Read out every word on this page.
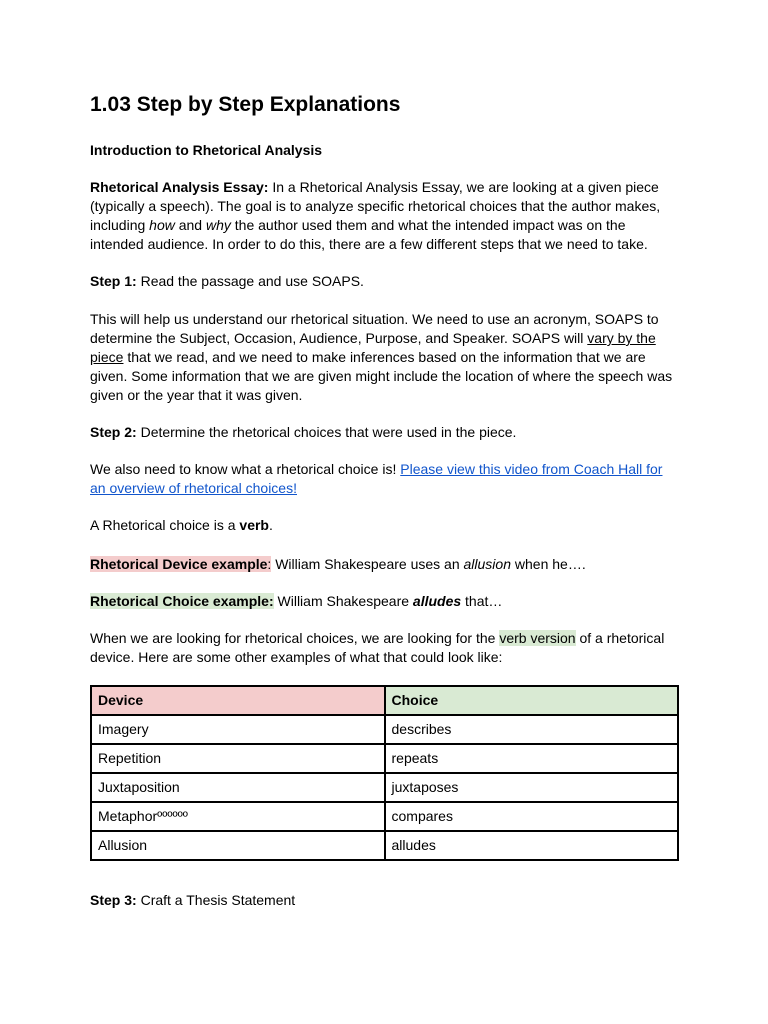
1.03 Step by Step Explanations

Introduction to Rhetorical Analysis

Rhetorical Analysis Essay: In a Rhetorical Analysis Essay, we are looking at a given piece (typically a speech). The goal is to analyze specific rhetorical choices that the author makes, including how and why the author used them and what the intended impact was on the intended audience. In order to do this, there are a few different steps that we need to take.

Step 1: Read the passage and use SOAPS.

This will help us understand our rhetorical situation. We need to use an acronym, SOAPS to determine the Subject, Occasion, Audience, Purpose, and Speaker. SOAPS will vary by the piece that we read, and we need to make inferences based on the information that we are given. Some information that we are given might include the location of where the speech was given or the year that it was given.

Step 2: Determine the rhetorical choices that were used in the piece.

We also need to know what a rhetorical choice is! Please view this video from Coach Hall for an overview of rhetorical choices!

A Rhetorical choice is a verb.

Rhetorical Device example: William Shakespeare uses an allusion when he….

Rhetorical Choice example: William Shakespeare alludes that…

When we are looking for rhetorical choices, we are looking for the verb version of a rhetorical device. Here are some other examples of what that could look like:

Device	Choice
Imagery	describes
Repetition	repeats
Juxtaposition	juxtaposes
Metaphorºººººº	compares
Allusion	alludes

Step 3: Craft a Thesis Statement
